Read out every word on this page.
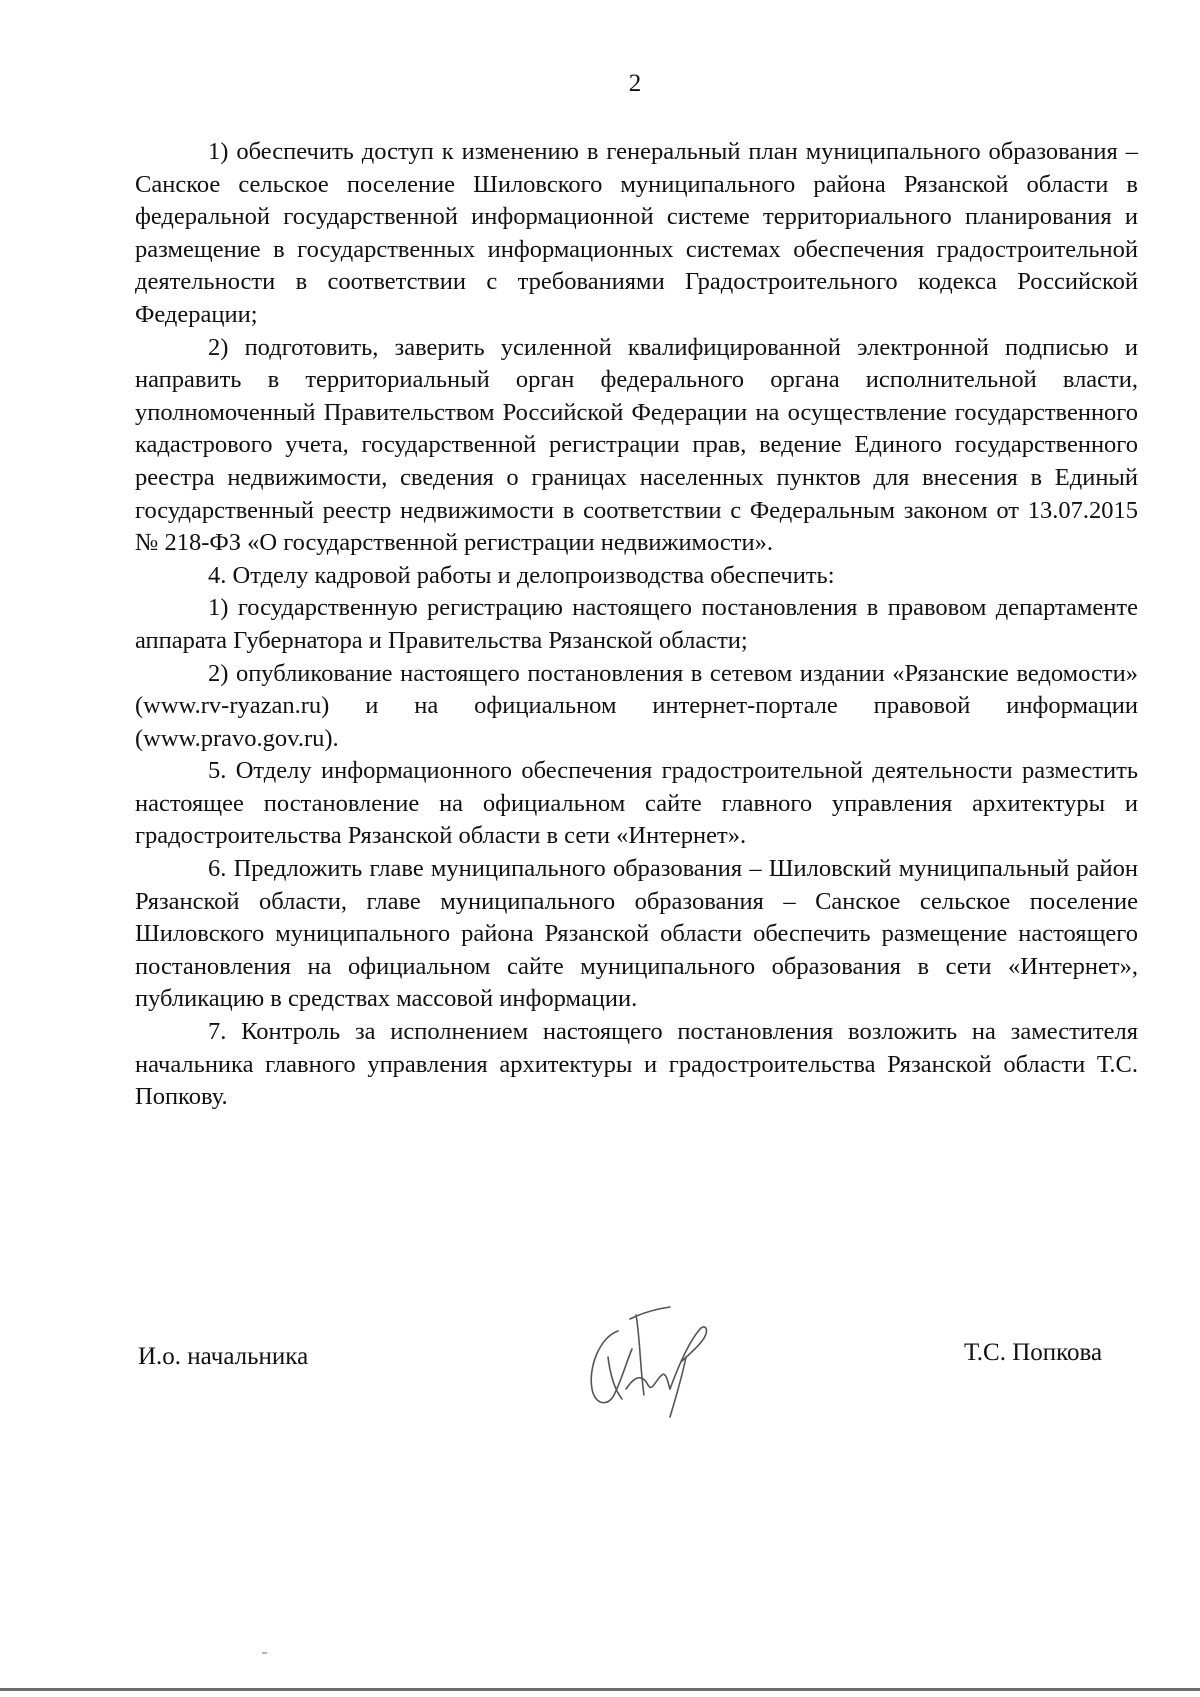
2

1) обеспечить доступ к изменению в генеральный план муниципального образования – Санское сельское поселение Шиловского муниципального района Рязанской области в федеральной государственной информационной системе территориального планирования и размещение в государственных информационных системах обеспечения градостроительной деятельности в соответствии с требованиями Градостроительного кодекса Российской Федерации;

2) подготовить, заверить усиленной квалифицированной электронной подписью и направить в территориальный орган федерального органа исполнительной власти, уполномоченный Правительством Российской Федерации на осуществление государственного кадастрового учета, государственной регистрации прав, ведение Единого государственного реестра недвижимости, сведения о границах населенных пунктов для внесения в Единый государственный реестр недвижимости в соответствии с Федеральным законом от 13.07.2015 № 218-ФЗ «О государственной регистрации недвижимости».

4. Отделу кадровой работы и делопроизводства обеспечить:

1) государственную регистрацию настоящего постановления в правовом департаменте аппарата Губернатора и Правительства Рязанской области;

2) опубликование настоящего постановления в сетевом издании «Рязанские ведомости» (www.rv-ryazan.ru) и на официальном интернет-портале правовой информации (www.pravo.gov.ru).

5. Отделу информационного обеспечения градостроительной деятельности разместить настоящее постановление на официальном сайте главного управления архитектуры и градостроительства Рязанской области в сети «Интернет».

6. Предложить главе муниципального образования – Шиловский муниципальный район Рязанской области, главе муниципального образования – Санское сельское поселение Шиловского муниципального района Рязанской области обеспечить размещение настоящего постановления на официальном сайте муниципального образования в сети «Интернет», публикацию в средствах массовой информации.

7. Контроль за исполнением настоящего постановления возложить на заместителя начальника главного управления архитектуры и градостроительства Рязанской области Т.С. Попкову.

И.о. начальника	Т.С. Попкова
